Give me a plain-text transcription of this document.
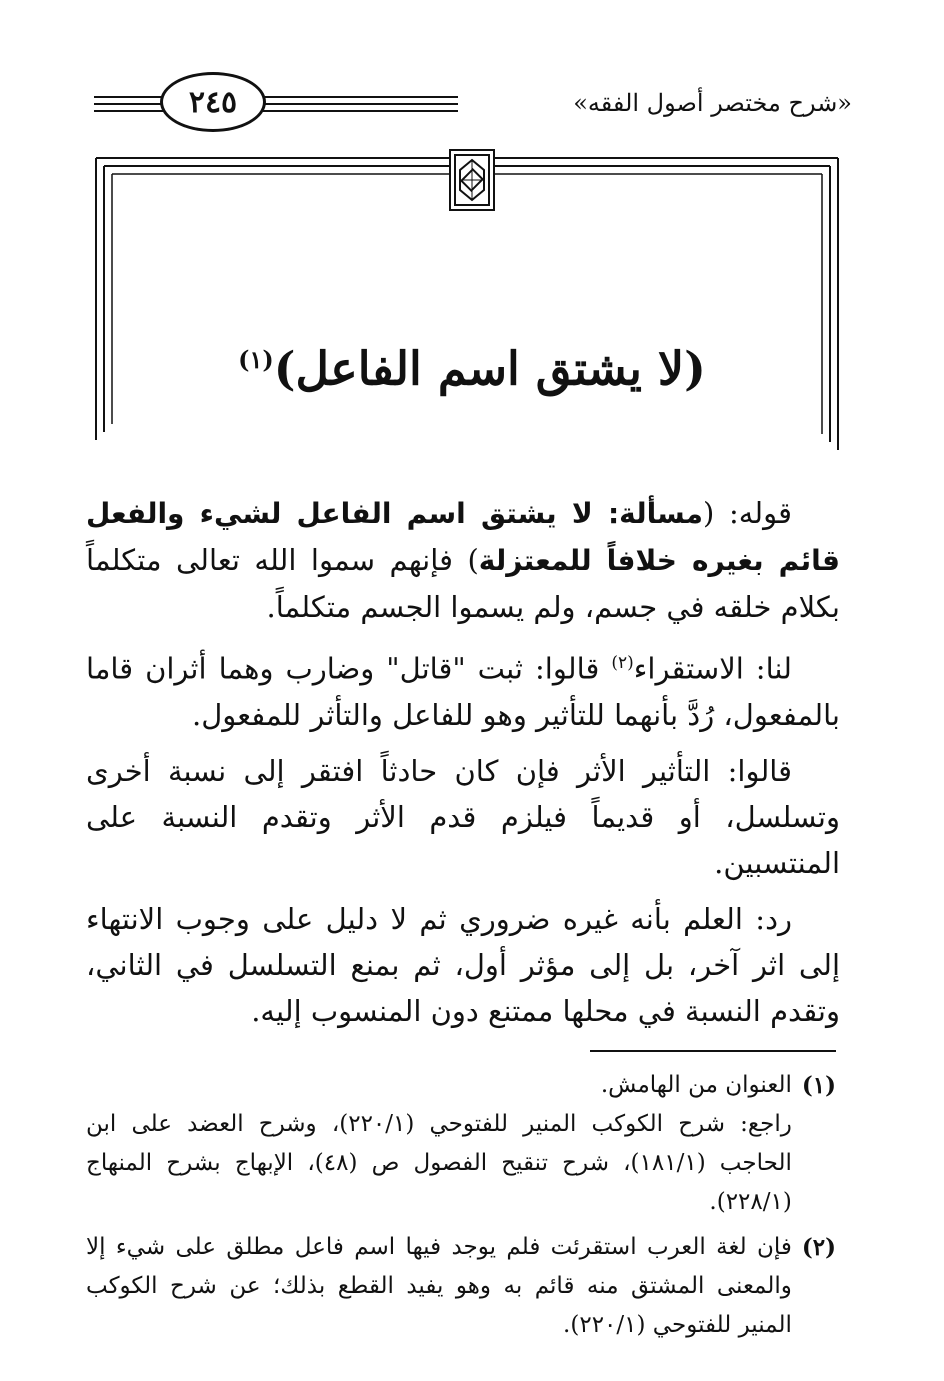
٢٤٥	«شرح مختصر أصول الفقه»
(لا يشتق اسم الفاعل)$^{(١)}$

قوله: (مسألة: لا يشتق اسم الفاعل لشيء والفعل قائم بغيره خلافاً للمعتزلة) فإنهم سموا الله تعالى متكلماً بكلام خلقه في جسم، ولم يسموا الجسم متكلماً.

لنا: الاستقراء$^{(٢)}$ قالوا: ثبت "قاتل" وضارب وهما أثران قاما بالمفعول، رُدَّ بأنهما للتأثير وهو للفاعل والتأثر للمفعول.

قالوا: التأثير الأثر فإن كان حادثاً افتقر إلى نسبة أخرى وتسلسل، أو قديماً فيلزم قدم الأثر وتقدم النسبة على المنتسبين.

رد: العلم بأنه غيره ضروري ثم لا دليل على وجوب الانتهاء إلى اثر آخر، بل إلى مؤثر أول، ثم بمنع التسلسل في الثاني، وتقدم النسبة في محلها ممتنع دون المنسوب إليه.

(١)
العنوان من الهامش.
راجع: شرح الكوكب المنير للفتوحي (٢٢٠/١)، وشرح العضد على ابن الحاجب (١٨١/١)، شرح تنقيح الفصول ص (٤٨)، الإبهاج بشرح المنهاج (٢٢٨/١).
(٢)
فإن لغة العرب استقرئت فلم يوجد فيها اسم فاعل مطلق على شيء إلا والمعنى المشتق منه قائم به وهو يفيد القطع بذلك؛ عن شرح الكوكب المنير للفتوحي (٢٢٠/١).
